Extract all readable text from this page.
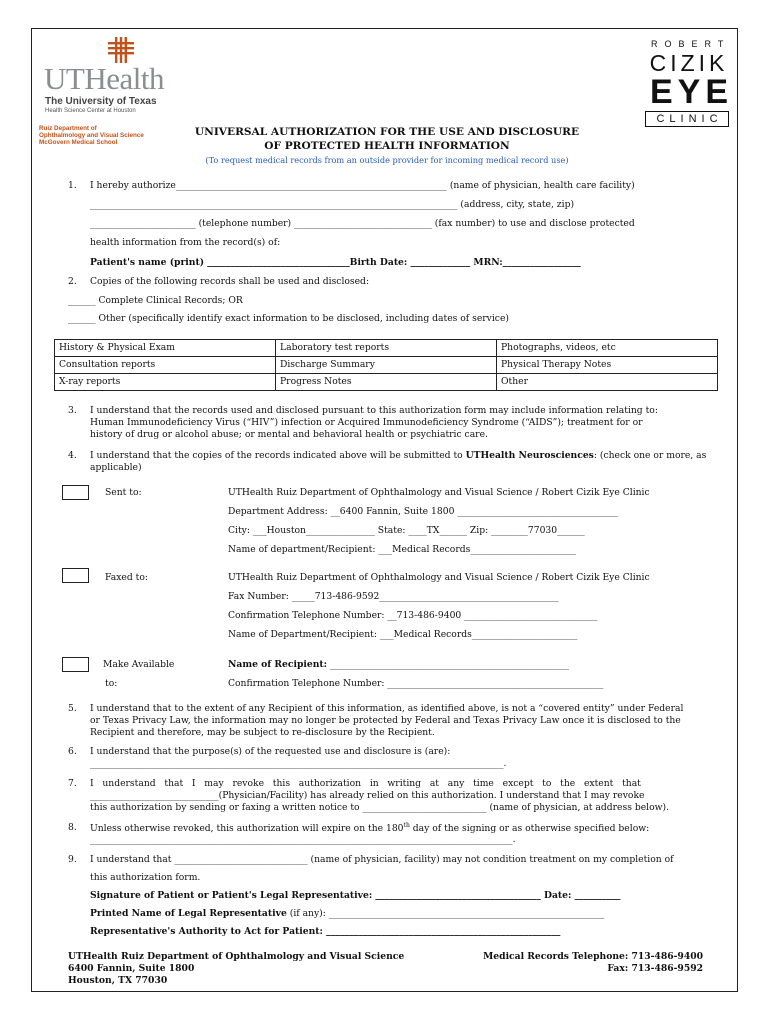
UTHealth
The University of Texas
Health Science Center at Houston
Ruiz Department of
Ophthalmology and Visual Science
McGovern Medical School
ROBERT
CIZIK
EYE
CLINIC
UNIVERSAL AUTHORIZATION FOR THE USE AND DISCLOSURE
OF PROTECTED HEALTH INFORMATION
(To request medical records from an outside provider for incoming medical record use)
1. I hereby authorize___________________________________________________________ (name of physician, health care facility)
________________________________________________________________________________ (address, city, state, zip)
_______________________ (telephone number) ______________________________ (fax number) to use and disclose protected
health information from the record(s) of:
Patient's name (print) _______________________________Birth Date: _____________ MRN:_________________
2. Copies of the following records shall be used and disclosed:
______ Complete Clinical Records; OR
______ Other (specifically identify exact information to be disclosed, including dates of service)
History & Physical Exam	Laboratory test reports	Photographs, videos, etc
Consultation reports	Discharge Summary	Physical Therapy Notes
X-ray reports	Progress Notes	Other
3. I understand that the records used and disclosed pursuant to this authorization form may include information relating to:
Human Immunodeficiency Virus (“HIV”) infection or Acquired Immunodeficiency Syndrome (“AIDS”); treatment for or
history of drug or alcohol abuse; or mental and behavioral health or psychiatric care.
4. I understand that the copies of the records indicated above will be submitted to UTHealth Neurosciences: (check one or more, as
applicable)
Sent to:	UTHealth Ruiz Department of Ophthalmology and Visual Science / Robert Cizik Eye Clinic
Department Address: __6400 Fannin, Suite 1800 ___________________________________
City: ___Houston_______________ State: ____TX______ Zip: ________77030______
Name of department/Recipient: ___Medical Records_______________________
Faxed to:	UTHealth Ruiz Department of Ophthalmology and Visual Science / Robert Cizik Eye Clinic
Fax Number: _____713-486-9592_______________________________________
Confirmation Telephone Number: __713-486-9400 _____________________________
Name of Department/Recipient: ___Medical Records_______________________
Make Available
to:
Name of Recipient: ____________________________________________________
Confirmation Telephone Number: _______________________________________________
5. I understand that to the extent of any Recipient of this information, as identified above, is not a “covered entity” under Federal
or Texas Privacy Law, the information may no longer be protected by Federal and Texas Privacy Law once it is disclosed to the
Recipient and therefore, may be subject to re-disclosure by the Recipient.
6. I understand that the purpose(s) of the requested use and disclosure is (are):
__________________________________________________________________________________________.
7. I   understand   that   I   may   revoke   this   authorization   in   writing   at   any   time   except   to   the   extent   that
____________________________(Physician/Facility) has already relied on this authorization. I understand that I may revoke
this authorization by sending or faxing a written notice to ___________________________ (name of physician, at address below).
8. Unless otherwise revoked, this authorization will expire on the 180th day of the signing or as otherwise specified below:
____________________________________________________________________________________________.
9. I understand that _____________________________ (name of physician, facility) may not condition treatment on my completion of
this authorization form.
Signature of Patient or Patient's Legal Representative: ____________________________________ Date: __________
Printed Name of Legal Representative (if any): ____________________________________________________________
Representative's Authority to Act for Patient: ___________________________________________________
UTHealth Ruiz Department of Ophthalmology and Visual Science
6400 Fannin, Suite 1800
Houston, TX 77030
Medical Records Telephone: 713-486-9400
Fax: 713-486-9592
